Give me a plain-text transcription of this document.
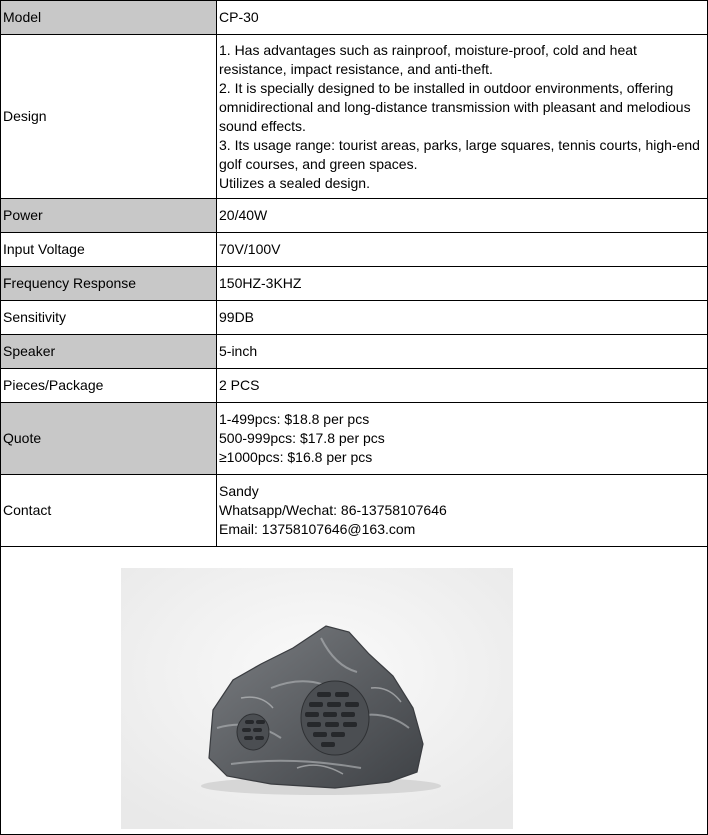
Model	CP-30
Design	1. Has advantages such as rainproof, moisture-proof, cold and heat resistance, impact resistance, and anti-theft.
2. It is specially designed to be installed in outdoor environments, offering omnidirectional and long-distance transmission with pleasant and melodious sound effects.
3. Its usage range: tourist areas, parks, large squares, tennis courts, high-end golf courses, and green spaces.
Utilizes a sealed design.

Power	20/40W
Input Voltage	70V/100V
Frequency Response	150HZ-3KHZ
Sensitivity	99DB
Speaker	5-inch
Pieces/Package	2 PCS
Quote	1-499pcs: $18.8 per pcs
500-999pcs: $17.8 per pcs
≥1000pcs: $16.8 per pcs

Contact	Sandy
Whatsapp/Wechat: 86-13758107646
Email: 13758107646@163.com
